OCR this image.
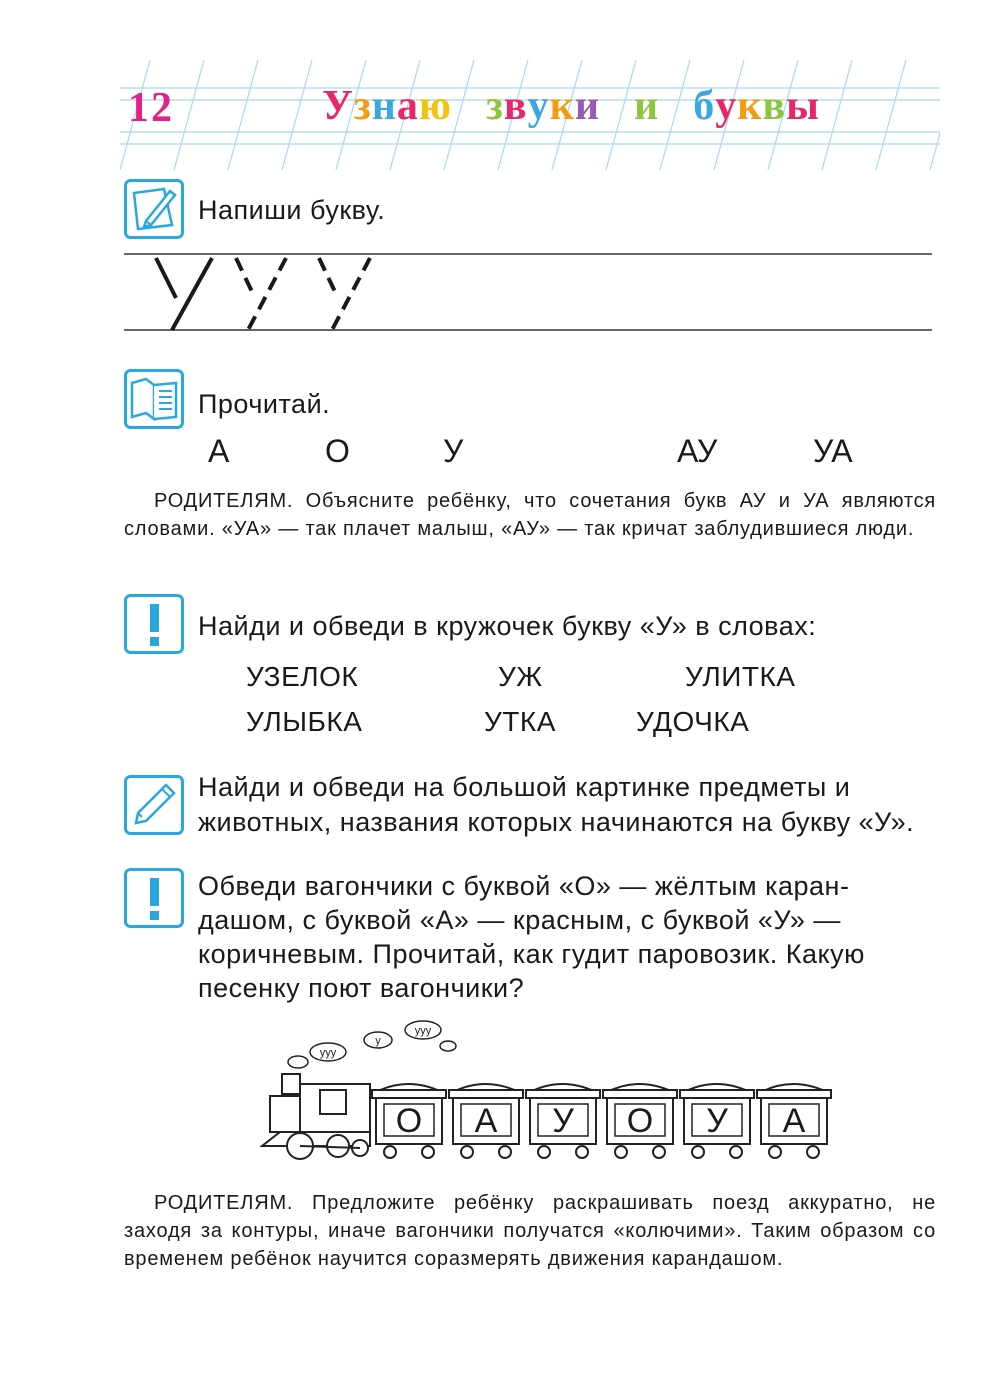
12	Узнаю звуки и буквы
Напиши букву.
Прочитай.
А	О	У	АУ	УА
РОДИТЕЛЯМ. Объясните ребёнку, что сочетания букв АУ и УА являются словами. «УА» — так плачет малыш, «АУ» — так кричат заблудившиеся люди.
Найди и обведи в кружочек букву «У» в словах:
УЗЕЛОК	УЖ	УЛИТКА
УЛЫБКА	УТКА	УДОЧКА
Найди и обведи на большой картинке предметы и
животных, названия которых начинаются на букву «У».
Обведи вагончики с буквой «О» — жёлтым каран-
дашом, с буквой «А» — красным, с буквой «У» —
коричневым. Прочитай, как гудит паровозик. Какую
песенку поют вагончики?
ууу
у
ууу
О А У О У А
РОДИТЕЛЯМ. Предложите ребёнку раскрашивать поезд аккуратно, не заходя за контуры, иначе вагончики получатся «колючими». Таким образом со временем ребёнок научится соразмерять движения карандашом.
